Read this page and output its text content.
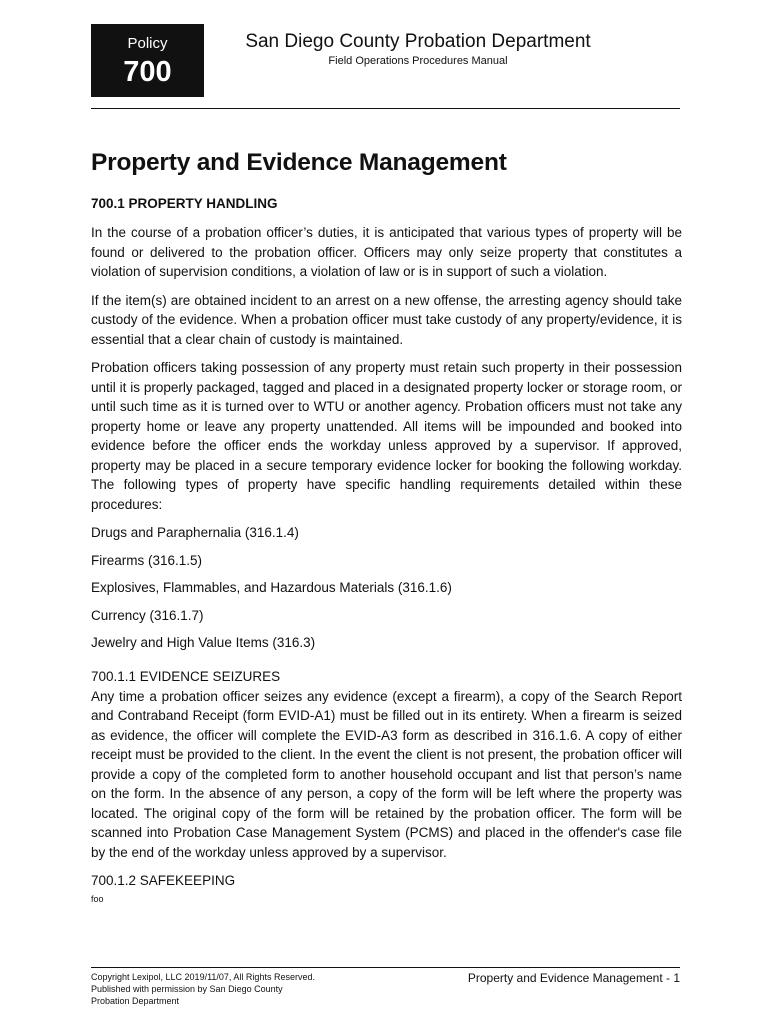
Policy
700
San Diego County Probation Department
Field Operations Procedures Manual
Property and Evidence Management
700.1 PROPERTY HANDLING

In the course of a probation officer’s duties, it is anticipated that various types of property will be found or delivered to the probation officer. Officers may only seize property that constitutes a violation of supervision conditions, a violation of law or is in support of such a violation.

If the item(s) are obtained incident to an arrest on a new offense, the arresting agency should take custody of the evidence. When a probation officer must take custody of any property/evidence, it is essential that a clear chain of custody is maintained.

Probation officers taking possession of any property must retain such property in their possession until it is properly packaged, tagged and placed in a designated property locker or storage room, or until such time as it is turned over to WTU or another agency. Probation officers must not take any property home or leave any property unattended. All items will be impounded and booked into evidence before the officer ends the workday unless approved by a supervisor. If approved, property may be placed in a secure temporary evidence locker for booking the following workday. The following types of property have specific handling requirements detailed within these procedures:

Drugs and Paraphernalia (316.1.4)
Firearms (316.1.5)
Explosives, Flammables, and Hazardous Materials (316.1.6)
Currency (316.1.7)
Jewelry and High Value Items (316.3)
700.1.1 EVIDENCE SEIZURES

Any time a probation officer seizes any evidence (except a firearm), a copy of the Search Report and Contraband Receipt (form EVID-A1) must be filled out in its entirety. When a firearm is seized as evidence, the officer will complete the EVID-A3 form as described in 316.1.6. A copy of either receipt must be provided to the client. In the event the client is not present, the probation officer will provide a copy of the completed form to another household occupant and list that person’s name on the form. In the absence of any person, a copy of the form will be left where the property was located. The original copy of the form will be retained by the probation officer. The form will be scanned into Probation Case Management System (PCMS) and placed in the offender's case file by the end of the workday unless approved by a supervisor.

700.1.2 SAFEKEEPING
foo
Copyright Lexipol, LLC 2019/11/07, All Rights Reserved. Published with permission by San Diego County Probation Department
Property and Evidence Management - 1
